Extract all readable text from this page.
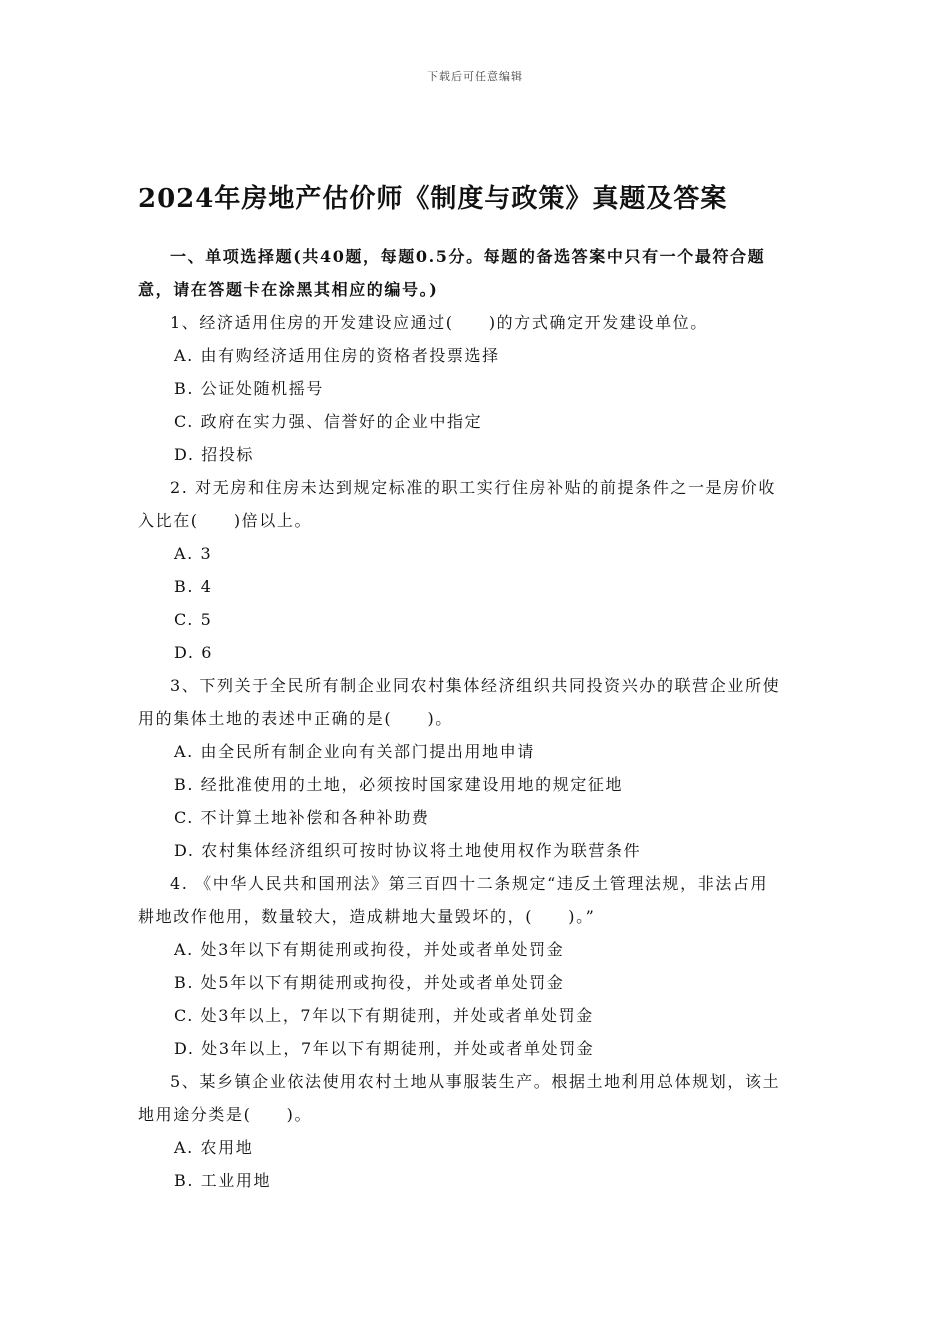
下载后可任意编辑
2024年房地产估价师《制度与政策》真题及答案
一、单项选择题(共40题，每题0.5分。每题的备选答案中只有一个最符合题
意，请在答题卡在涂黑其相应的编号。)
1、经济适用住房的开发建设应通过(　　)的方式确定开发建设单位。
A. 由有购经济适用住房的资格者投票选择
B. 公证处随机摇号
C. 政府在实力强、信誉好的企业中指定
D. 招投标
2. 对无房和住房未达到规定标准的职工实行住房补贴的前提条件之一是房价收
入比在(　　)倍以上。
A. 3
B. 4
C. 5
D. 6
3、下列关于全民所有制企业同农村集体经济组织共同投资兴办的联营企业所使
用的集体土地的表述中正确的是(　　)。
A. 由全民所有制企业向有关部门提出用地申请
B. 经批准使用的土地，必须按时国家建设用地的规定征地
C. 不计算土地补偿和各种补助费
D. 农村集体经济组织可按时协议将土地使用权作为联营条件
4. 《中华人民共和国刑法》第三百四十二条规定“违反土管理法规，非法占用
耕地改作他用，数量较大，造成耕地大量毁坏的，(　　)。”
A. 处3年以下有期徒刑或拘役，并处或者单处罚金
B. 处5年以下有期徒刑或拘役，并处或者单处罚金
C. 处3年以上，7年以下有期徒刑，并处或者单处罚金
D. 处3年以上，7年以下有期徒刑，并处或者单处罚金
5、某乡镇企业依法使用农村土地从事服装生产。根据土地利用总体规划，该土
地用途分类是(　　)。
A. 农用地
B. 工业用地
